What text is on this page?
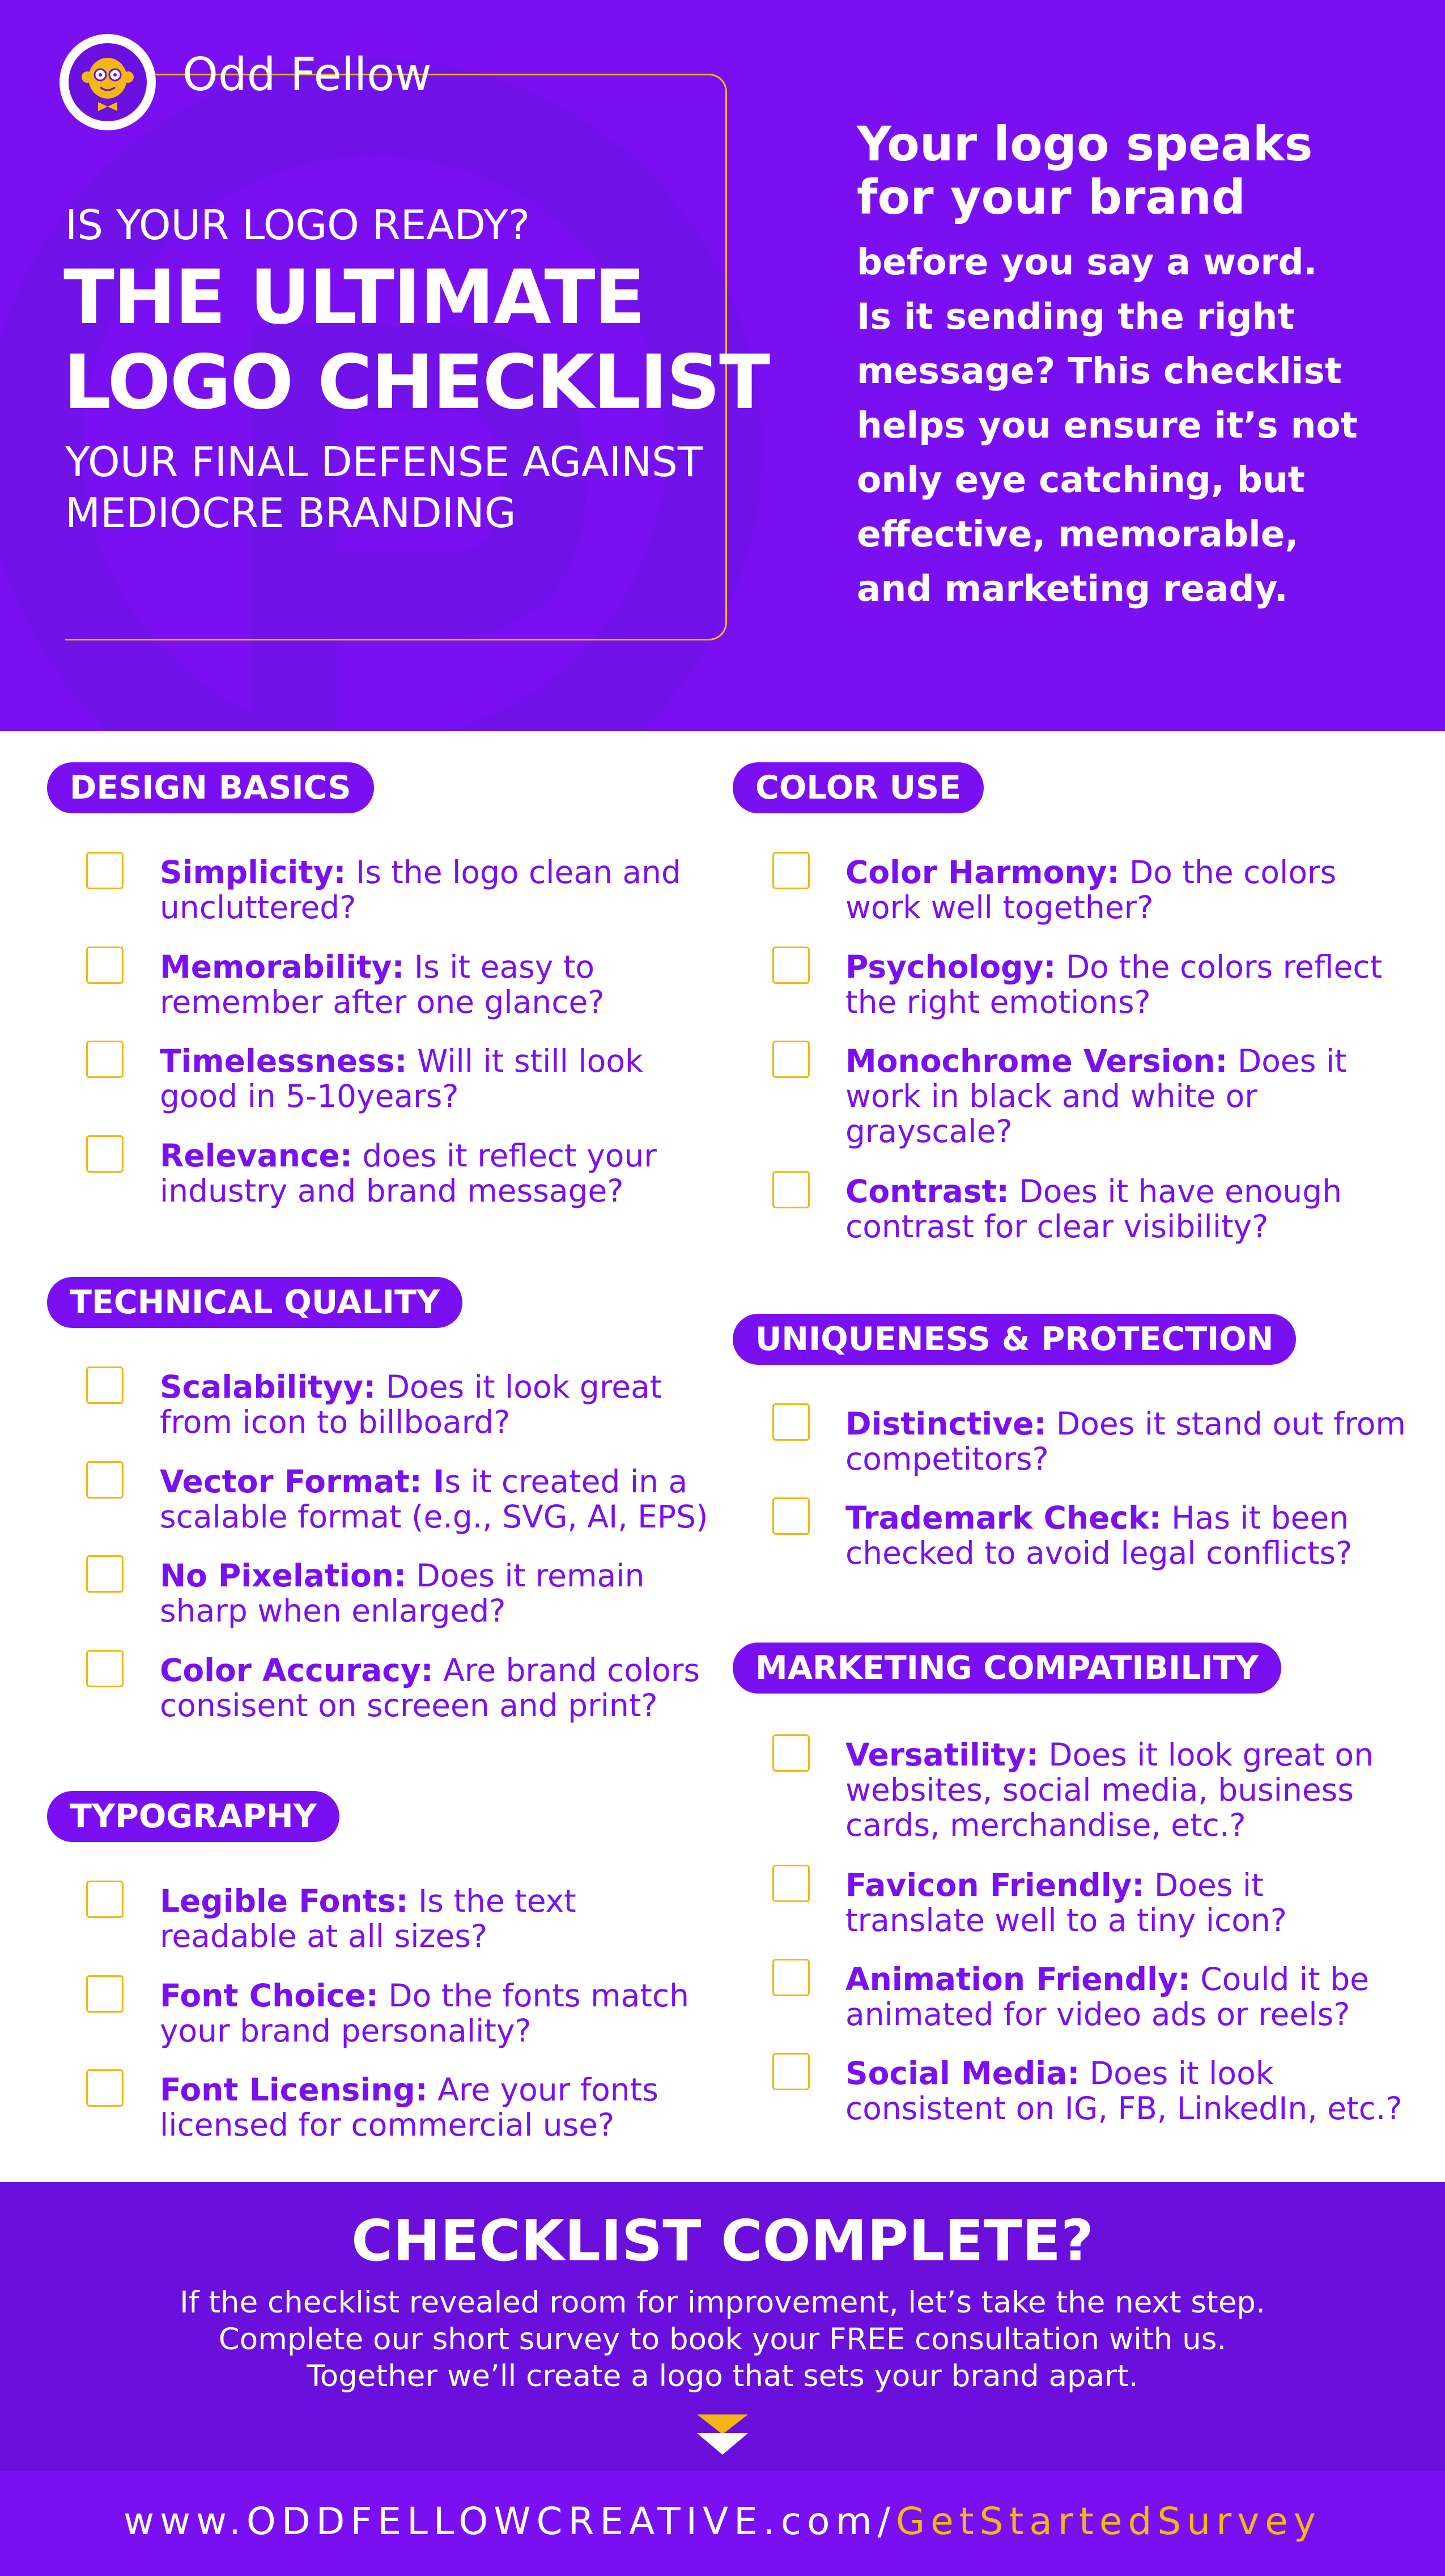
Odd Fellow
IS YOUR LOGO READY?
THE ULTIMATE
LOGO CHECKLIST
YOUR FINAL DEFENSE AGAINST
MEDIOCRE BRANDING
Your logo speaks
for your brand
before you say a word.
Is it sending the right
message? This checklist
helps you ensure it’s not
only eye catching, but
effective, memorable,
and marketing ready.
DESIGN BASICS
Simplicity: Is the logo clean and uncluttered?
Memorability: Is it easy to remember after one glance?
Timelessness: Will it still look good in 5-10years?
Relevance: does it reflect your industry and brand message?
TECHNICAL QUALITY
Scalabilityy: Does it look great from icon to billboard?
Vector Format: Is it created in a scalable format (e.g., SVG, AI, EPS)
No Pixelation: Does it remain sharp when enlarged?
Color Accuracy: Are brand colors consisent on screeen and print?
TYPOGRAPHY
Legible Fonts: Is the text readable at all sizes?
Font Choice: Do the fonts match your brand personality?
Font Licensing: Are your fonts licensed for commercial use?
COLOR USE
Color Harmony: Do the colors work well together?
Psychology: Do the colors reflect the right emotions?
Monochrome Version: Does it work in black and white or grayscale?
Contrast: Does it have enough contrast for clear visibility?
UNIQUENESS & PROTECTION
Distinctive: Does it stand out from competitors?
Trademark Check: Has it been checked to avoid legal conflicts?
MARKETING COMPATIBILITY
Versatility: Does it look great on websites, social media, business cards, merchandise, etc.?
Favicon Friendly: Does it translate well to a tiny icon?
Animation Friendly: Could it be animated for video ads or reels?
Social Media: Does it look consistent on IG, FB, LinkedIn, etc.?
CHECKLIST COMPLETE?
If the checklist revealed room for improvement, let’s take the next step.
Complete our short survey to book your FREE consultation with us.
Together we’ll create a logo that sets your brand apart.
www.ODDFELLOWCREATIVE.com/GetStartedSurvey
